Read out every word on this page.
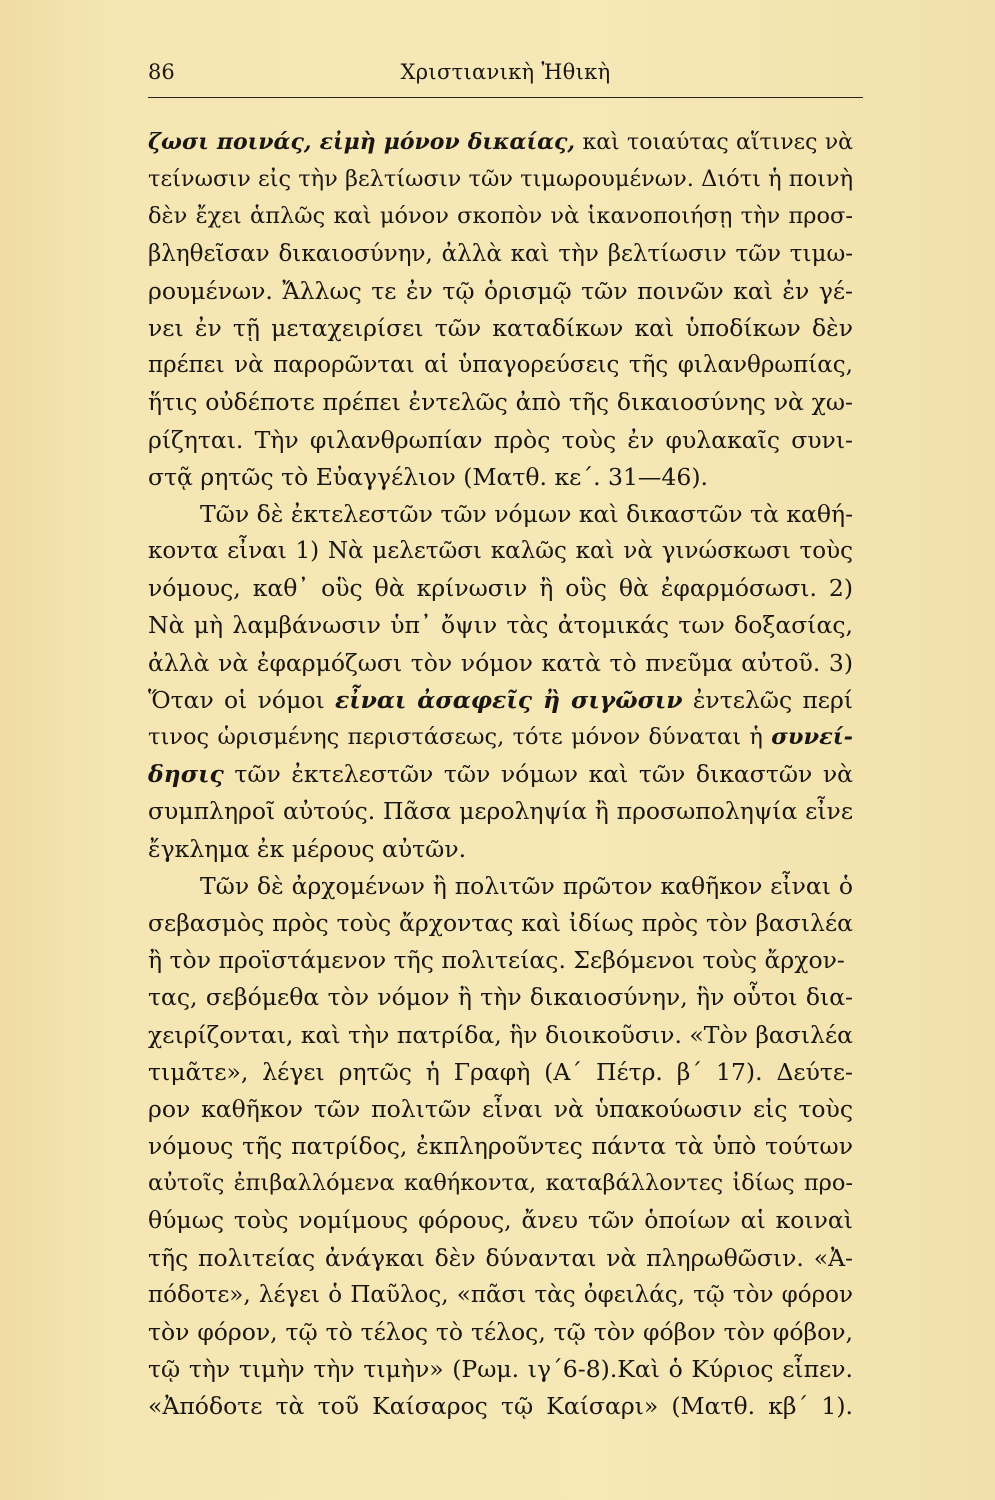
86	Χριστιανικὴ Ἠθικὴ
ζωσι ποινάς, εἰμὴ μόνον δικαίας, καὶ τοιαύτας αἵτινες νὰ
τείνωσιν εἰς τὴν βελτίωσιν τῶν τιμωρουμένων. Διότι ἡ ποινὴ
δὲν ἔχει ἁπλῶς καὶ μόνον σκοπὸν νὰ ἱκανοποιήσῃ τὴν προσ-
βληθεῖσαν δικαιοσύνην, ἀλλὰ καὶ τὴν βελτίωσιν τῶν τιμω-
ρουμένων. Ἄλλως τε ἐν τῷ ὁρισμῷ τῶν ποινῶν καὶ ἐν γέ-
νει ἐν τῇ μεταχειρίσει τῶν καταδίκων καὶ ὑποδίκων δὲν
πρέπει νὰ παρορῶνται αἱ ὑπαγορεύσεις τῆς φιλανθρωπίας,
ἥτις οὐδέποτε πρέπει ἐντελῶς ἀπὸ τῆς δικαιοσύνης νὰ χω-
ρίζηται. Τὴν φιλανθρωπίαν πρὸς τοὺς ἐν φυλακαῖς συνι-
στᾷ ρητῶς τὸ Εὐαγγέλιον (Ματθ. κε΄. 31—46).
Τῶν δὲ ἐκτελεστῶν τῶν νόμων καὶ δικαστῶν τὰ καθή-
κοντα εἶναι 1) Νὰ μελετῶσι καλῶς καὶ νὰ γινώσκωσι τοὺς
νόμους, καθ᾽ οὓς θὰ κρίνωσιν ἢ οὓς θὰ ἐφαρμόσωσι. 2)
Νὰ μὴ λαμβάνωσιν ὑπ᾽ ὄψιν τὰς ἀτομικάς των δοξασίας,
ἀλλὰ νὰ ἐφαρμόζωσι τὸν νόμον κατὰ τὸ πνεῦμα αὐτοῦ. 3)
Ὅταν οἱ νόμοι εἶναι ἀσαφεῖς ἢ σιγῶσιν ἐντελῶς περί
τινος ὡρισμένης περιστάσεως, τότε μόνον δύναται ἡ συνεί-
δησις τῶν ἐκτελεστῶν τῶν νόμων καὶ τῶν δικαστῶν νὰ
συμπληροῖ αὐτούς. Πᾶσα μεροληψία ἢ προσωποληψία εἶνε
ἔγκλημα ἐκ μέρους αὐτῶν.
Τῶν δὲ ἀρχομένων ἢ πολιτῶν πρῶτον καθῆκον εἶναι ὁ
σεβασμὸς πρὸς τοὺς ἄρχοντας καὶ ἰδίως πρὸς τὸν βασιλέα
ἢ τὸν προϊστάμενον τῆς πολιτείας. Σεβόμενοι τοὺς ἄρχον-
τας, σεβόμεθα τὸν νόμον ἢ τὴν δικαιοσύνην, ἣν οὗτοι δια-
χειρίζονται, καὶ τὴν πατρίδα, ἣν διοικοῦσιν. «Τὸν βασιλέα
τιμᾶτε», λέγει ρητῶς ἡ Γραφὴ (Α΄ Πέτρ. β΄ 17). Δεύτε-
ρον καθῆκον τῶν πολιτῶν εἶναι νὰ ὑπακούωσιν εἰς τοὺς
νόμους τῆς πατρίδος, ἐκπληροῦντες πάντα τὰ ὑπὸ τούτων
αὐτοῖς ἐπιβαλλόμενα καθήκοντα, καταβάλλοντες ἰδίως προ-
θύμως τοὺς νομίμους φόρους, ἄνευ τῶν ὁποίων αἱ κοιναὶ
τῆς πολιτείας ἀνάγκαι δὲν δύνανται νὰ πληρωθῶσιν. «Ἀ-
πόδοτε», λέγει ὁ Παῦλος, «πᾶσι τὰς ὀφειλάς, τῷ τὸν φόρον
τὸν φόρον, τῷ τὸ τέλος τὸ τέλος, τῷ τὸν φόβον τὸν φόβον,
τῷ τὴν τιμὴν τὴν τιμὴν» (Ρωμ. ιγ΄6-8).Καὶ ὁ Κύριος εἶπεν.
«Ἀπόδοτε τὰ τοῦ Καίσαρος τῷ Καίσαρι» (Ματθ. κβ΄ 1).
